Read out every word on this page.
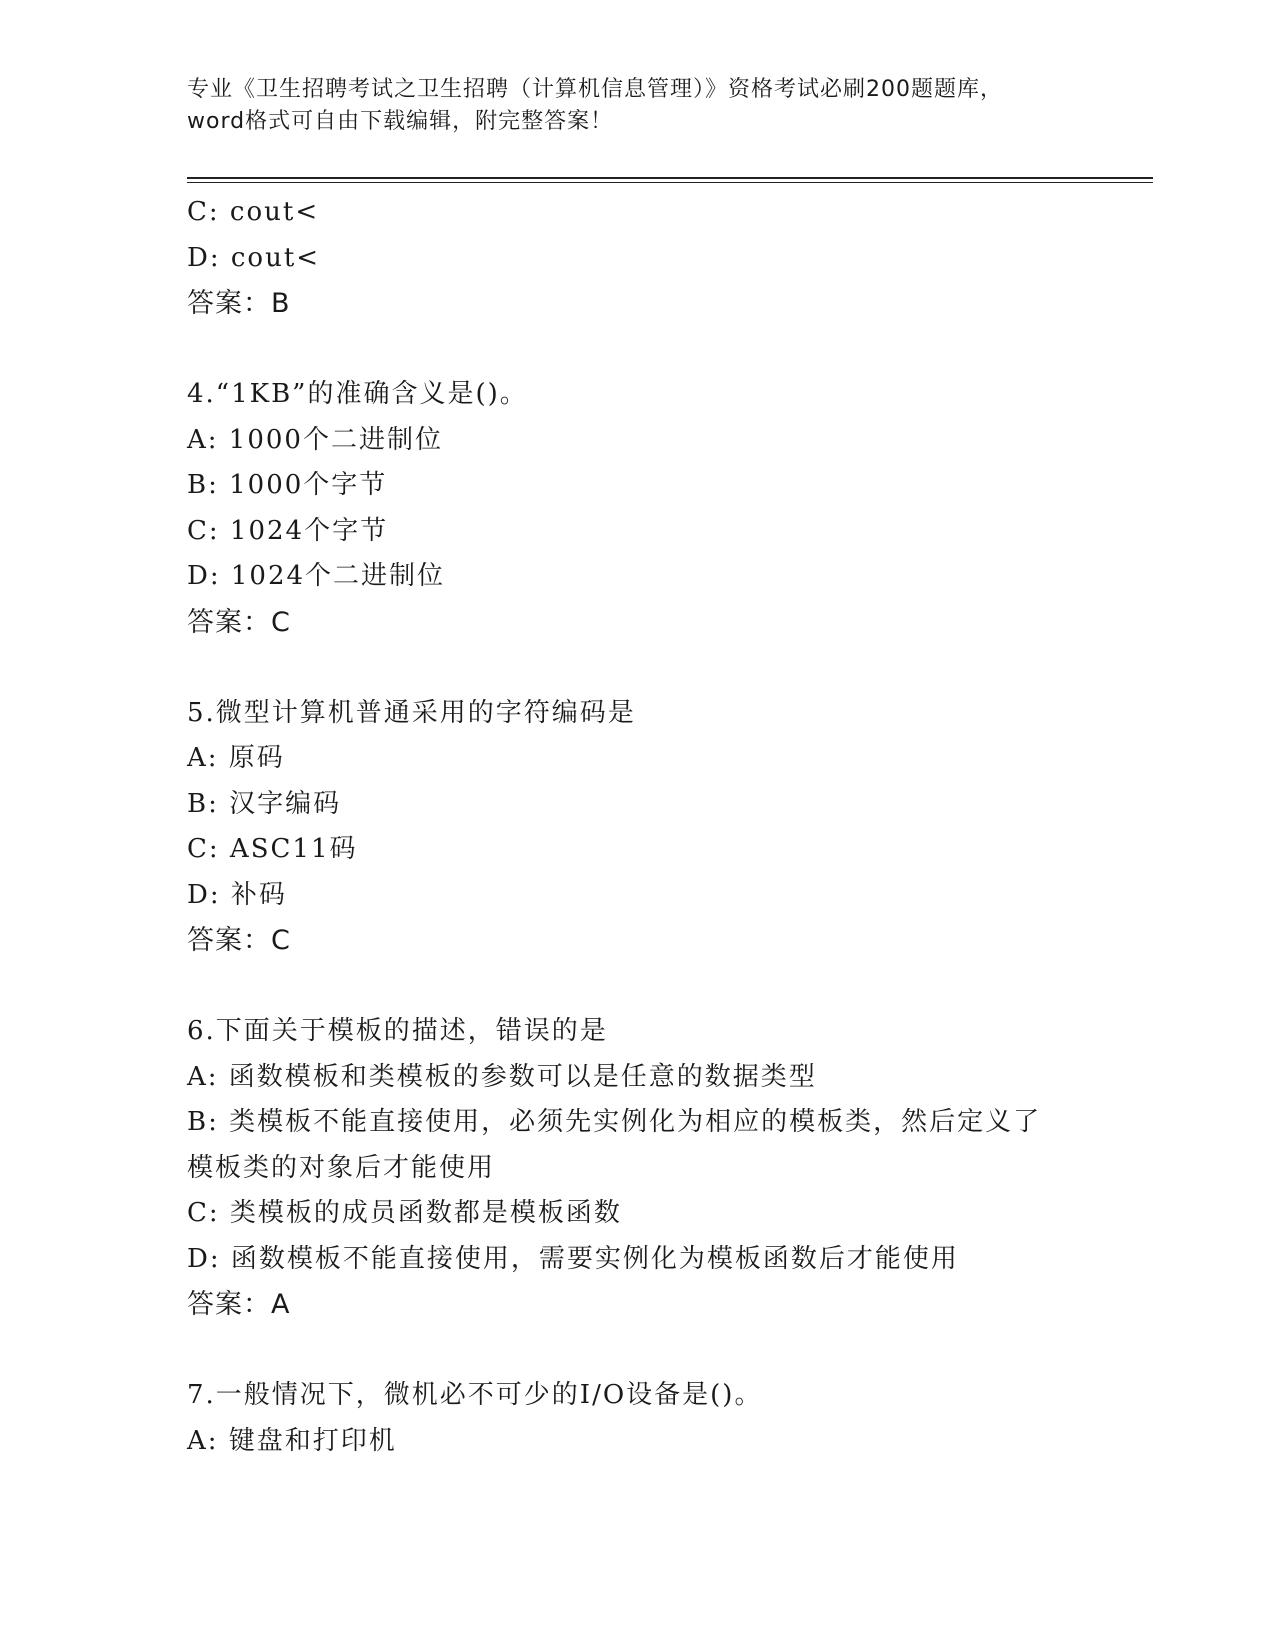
专业《卫生招聘考试之卫生招聘（计算机信息管理）》资格考试必刷200题题库，
word格式可自由下载编辑，附完整答案！
C: cout<
D: cout<
答案：B
4.“1KB”的准确含义是()。
A: 1000个二进制位
B: 1000个字节
C: 1024个字节
D: 1024个二进制位
答案：C
5.微型计算机普通采用的字符编码是
A: 原码
B: 汉字编码
C: ASC11码
D: 补码
答案：C
6.下面关于模板的描述，错误的是
A: 函数模板和类模板的参数可以是任意的数据类型
B: 类模板不能直接使用，必须先实例化为相应的模板类，然后定义了
模板类的对象后才能使用
C: 类模板的成员函数都是模板函数
D: 函数模板不能直接使用，需要实例化为模板函数后才能使用
答案：A
7.一般情况下，微机必不可少的I/O设备是()。
A: 键盘和打印机
